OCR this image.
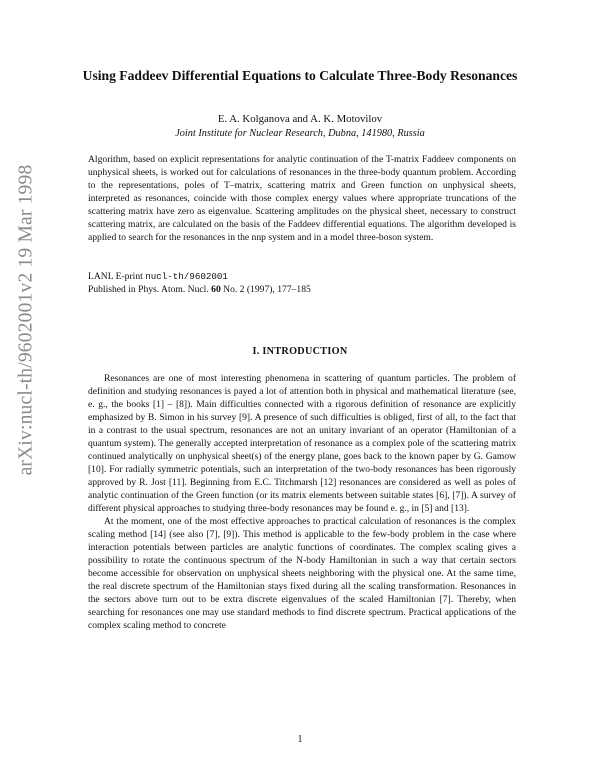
arXiv:nucl-th/9602001v2 19 Mar 1998
Using Faddeev Differential Equations to Calculate Three-Body Resonances
E. A. Kolganova and A. K. Motovilov
Joint Institute for Nuclear Research, Dubna, 141980, Russia

Algorithm, based on explicit representations for analytic continuation of the T-matrix Faddeev components on unphysical sheets, is worked out for calculations of resonances in the three-body quantum problem. According to the representations, poles of T–matrix, scattering matrix and Green function on unphysical sheets, interpreted as resonances, coincide with those complex energy values where appropriate truncations of the scattering matrix have zero as eigenvalue. Scattering amplitudes on the physical sheet, necessary to construct scattering matrix, are calculated on the basis of the Faddeev differential equations. The algorithm developed is applied to search for the resonances in the nnp system and in a model three-boson system.

LANL E-print nucl-th/9602001
Published in Phys. Atom. Nucl. 60 No. 2 (1997), 177–185
I. INTRODUCTION

Resonances are one of most interesting phenomena in scattering of quantum particles. The problem of definition and studying resonances is payed a lot of attention both in physical and mathematical literature (see, e. g., the books [1] – [8]). Main difficulties connected with a rigorous definition of resonance are explicitly emphasized by B. Simon in his survey [9]. A presence of such difficulties is obliged, first of all, to the fact that in a contrast to the usual spectrum, resonances are not an unitary invariant of an operator (Hamiltonian of a quantum system). The generally accepted interpretation of resonance as a complex pole of the scattering matrix continued analytically on unphysical sheet(s) of the energy plane, goes back to the known paper by G. Gamow [10]. For radially symmetric potentials, such an interpretation of the two-body resonances has been rigorously approved by R. Jost [11]. Beginning from E.C. Titchmarsh [12] resonances are considered as well as poles of analytic continuation of the Green function (or its matrix elements between suitable states [6], [7]). A survey of different physical approaches to studying three-body resonances may be found e. g., in [5] and [13].

At the moment, one of the most effective approaches to practical calculation of resonances is the complex scaling method [14] (see also [7], [9]). This method is applicable to the few-body problem in the case where interaction potentials between particles are analytic functions of coordinates. The complex scaling gives a possibility to rotate the continuous spectrum of the N-body Hamiltonian in such a way that certain sectors become accessible for observation on unphysical sheets neighboring with the physical one. At the same time, the real discrete spectrum of the Hamiltonian stays fixed during all the scaling transformation. Resonances in the sectors above turn out to be extra discrete eigenvalues of the scaled Hamiltonian [7]. Thereby, when searching for resonances one may use standard methods to find discrete spectrum. Practical applications of the complex scaling method to concrete

1
